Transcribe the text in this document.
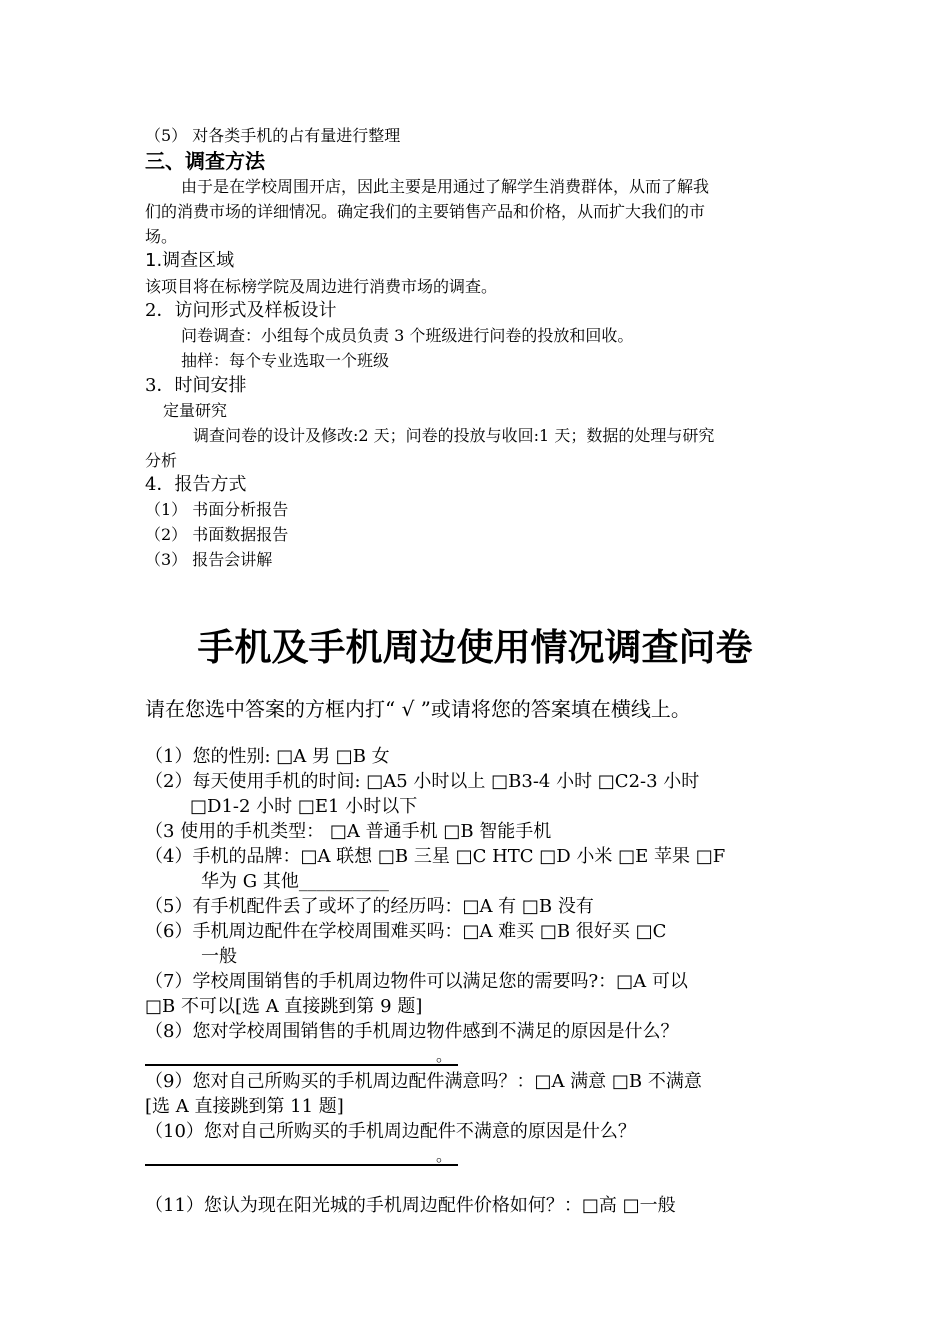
（5） 对各类手机的占有量进行整理
三、调查方法
由于是在学校周围开店，因此主要是用通过了解学生消费群体，从而了解我
们的消费市场的详细情况。确定我们的主要销售产品和价格，从而扩大我们的市
场。
1.调查区域
该项目将在标榜学院及周边进行消费市场的调查。
2．访问形式及样板设计
问卷调查：小组每个成员负责 3 个班级进行问卷的投放和回收。
抽样：每个专业选取一个班级
3．时间安排
定量研究
调查问卷的设计及修改:2 天；问卷的投放与收回:1 天；数据的处理与研究
分析
4．报告方式
（1） 书面分析报告
（2） 书面数据报告
（3） 报告会讲解
手机及手机周边使用情况调查问卷
请在您选中答案的方框内打“ √ ”或请将您的答案填在横线上。
（1）您的性别: □A 男 □B 女
（2）每天使用手机的时间: □A5 小时以上 □B3-4 小时 □C2-3 小时
□D1-2 小时 □E1 小时以下
（3 使用的手机类型： □A 普通手机 □B 智能手机
（4）手机的品牌：□A 联想 □B 三星 □C HTC □D 小米 □E 苹果 □F
华为 G 其他__________
（5）有手机配件丢了或坏了的经历吗：□A 有 □B 没有
（6）手机周边配件在学校周围难买吗：□A 难买 □B 很好买 □C
一般
（7）学校周围销售的手机周边物件可以满足您的需要吗?：□A 可以
□B 不可以[选 A 直接跳到第 9 题]
（8）您对学校周围销售的手机周边物件感到不满足的原因是什么？
。
（9）您对自己所购买的手机周边配件满意吗？：□A 满意 □B 不满意
[选 A 直接跳到第 11 题]
（10）您对自己所购买的手机周边配件不满意的原因是什么？
。
（11）您认为现在阳光城的手机周边配件价格如何？：□高 □一般
